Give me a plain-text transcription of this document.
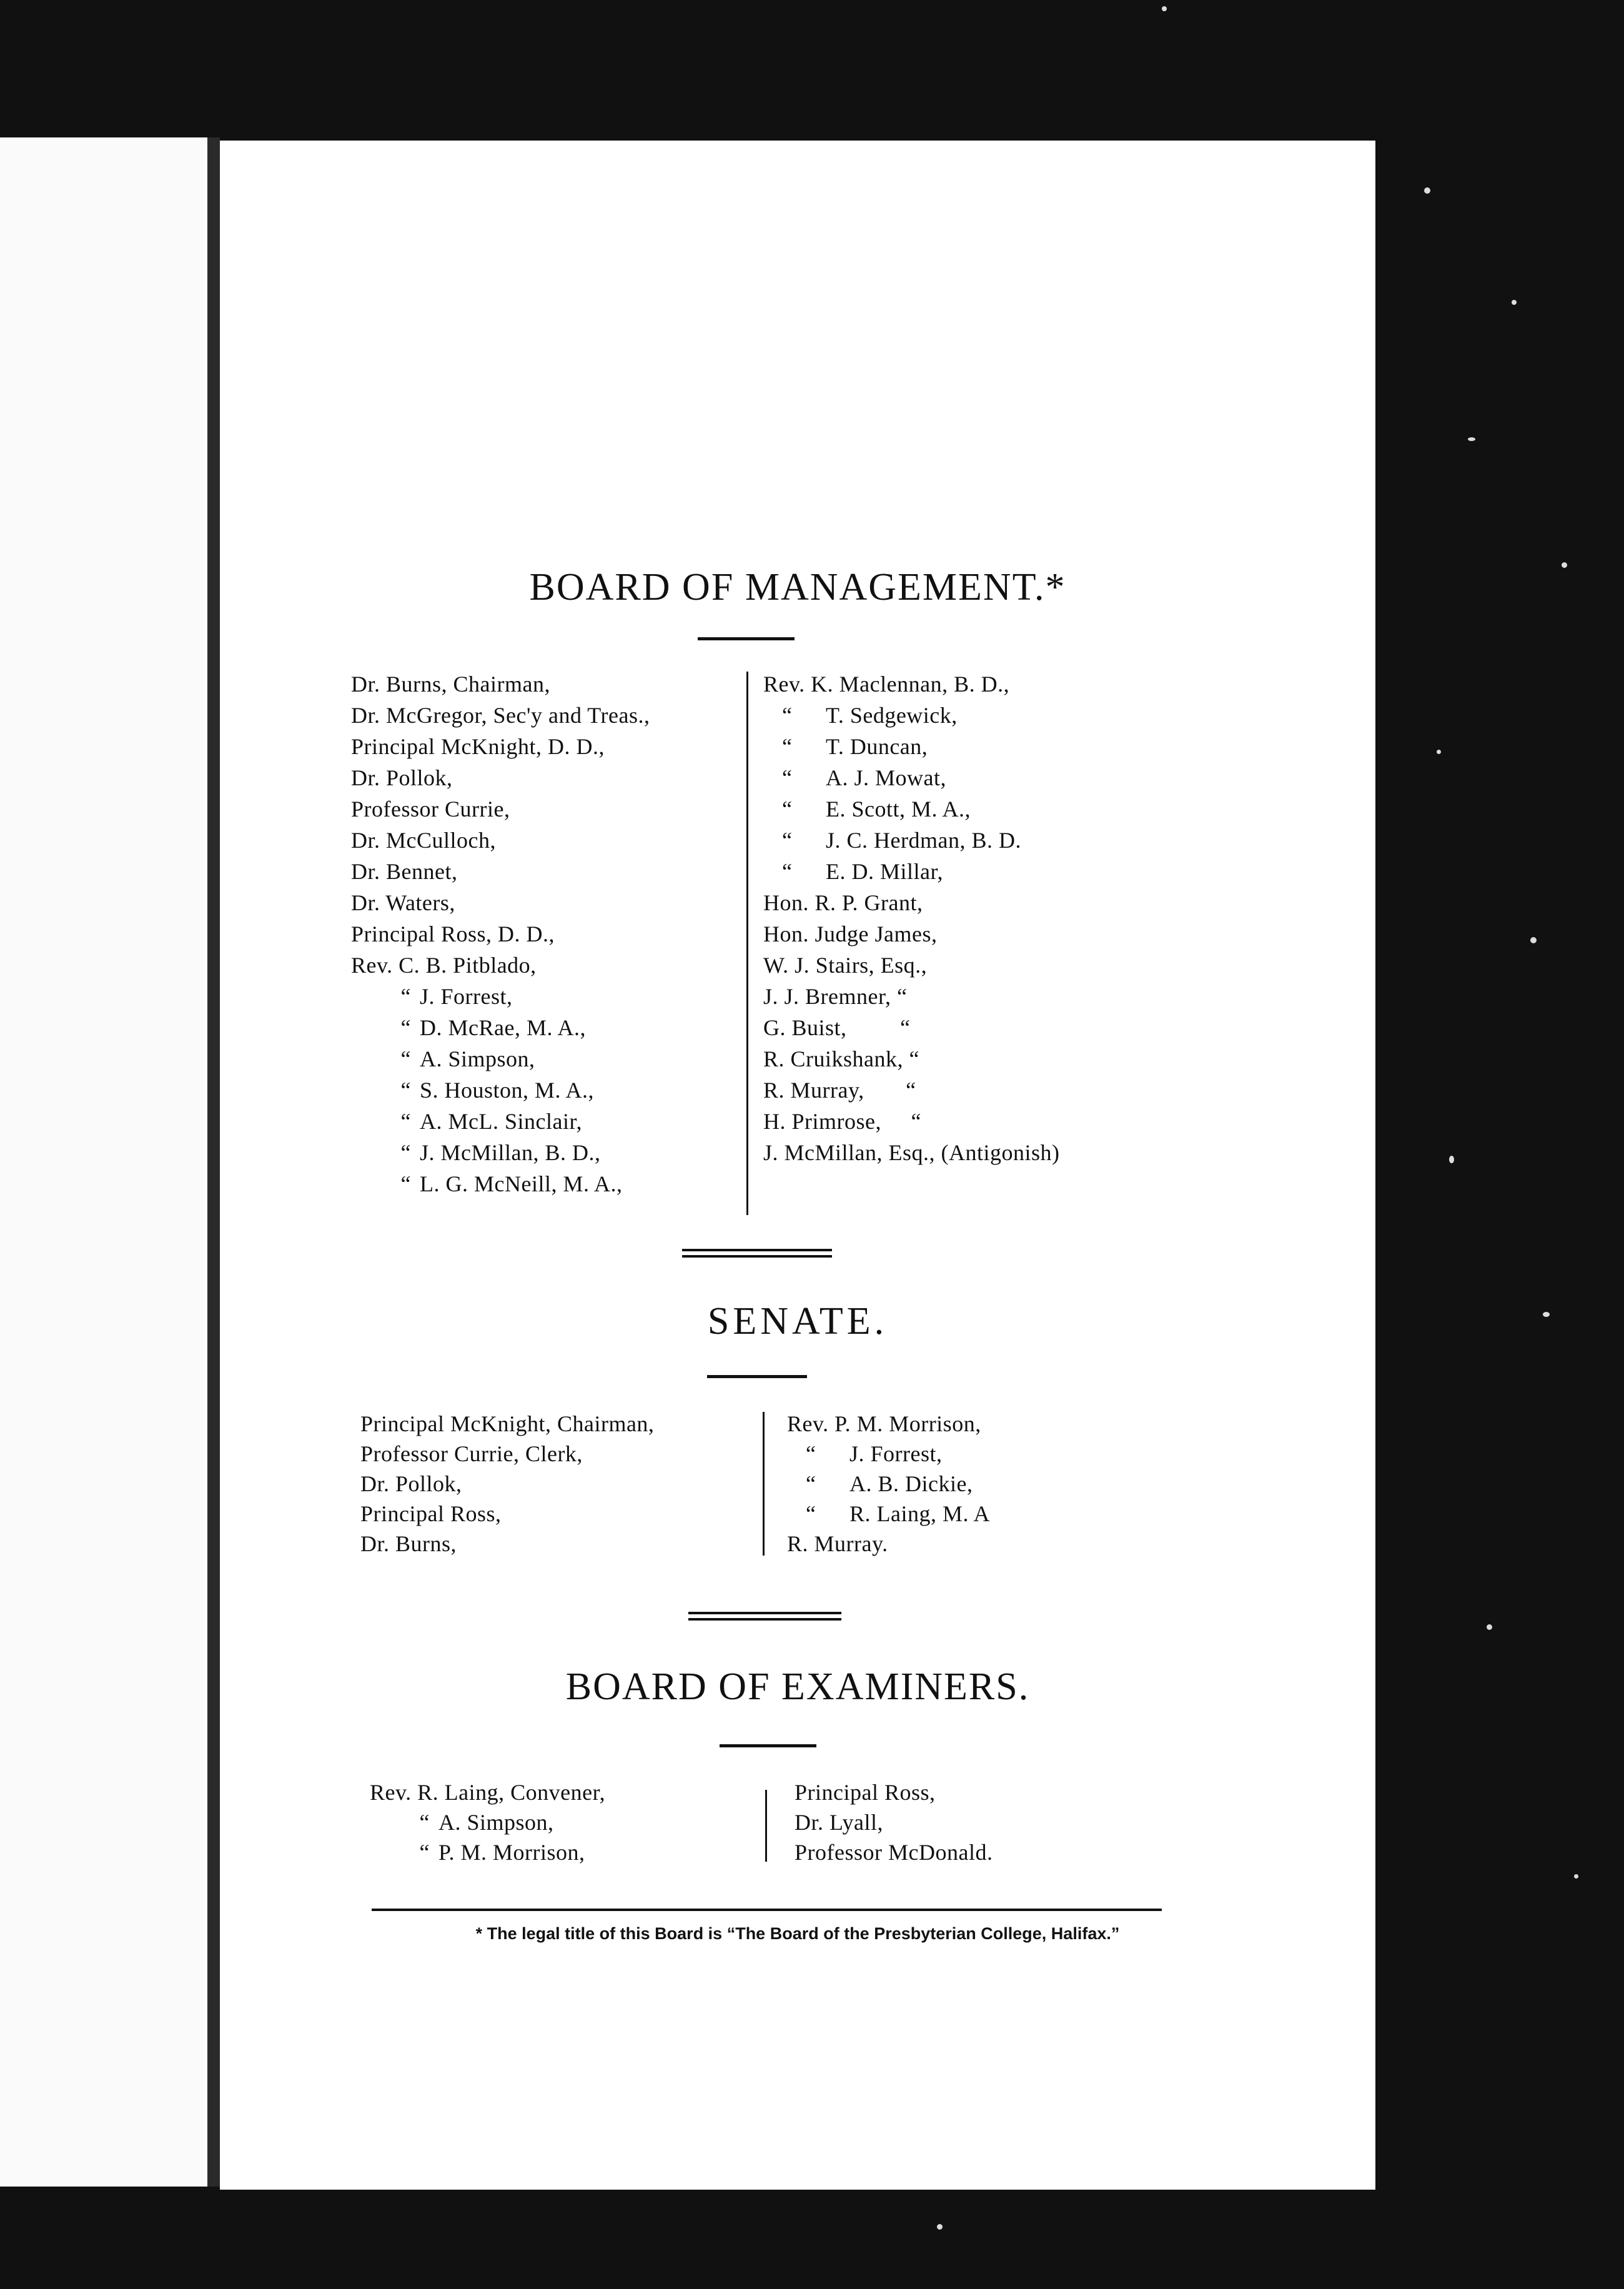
BOARD OF MANAGEMENT.*
Dr. Burns, Chairman,
Dr. McGregor, Sec'y and Treas.,
Principal McKnight, D. D.,
Dr. Pollok,
Professor Currie,
Dr. McCulloch,
Dr. Bennet,
Dr. Waters,
Principal Ross, D. D.,
Rev. C. B. Pitblado,
“ J. Forrest,
“ D. McRae, M. A.,
“ A. Simpson,
“ S. Houston, M. A.,
“ A. McL. Sinclair,
“ J. McMillan, B. D.,
“ L. G. McNeill, M. A.,
Rev. K. Maclennan, B. D.,
“ T. Sedgewick,
“ T. Duncan,
“ A. J. Mowat,
“ E. Scott, M. A.,
“ J. C. Herdman, B. D.
“ E. D. Millar,
Hon. R. P. Grant,
Hon. Judge James,
W. J. Stairs, Esq.,
J. J. Bremner, “
G. Buist,         “
R. Cruikshank, “
R. Murray,       “
H. Primrose,     “
J. McMillan, Esq., (Antigonish)
SENATE.
Principal McKnight, Chairman,
Professor Currie, Clerk,
Dr. Pollok,
Principal Ross,
Dr. Burns,
Rev. P. M. Morrison,
“ J. Forrest,
“ A. B. Dickie,
“ R. Laing, M. A
R. Murray.
BOARD OF EXAMINERS.
Rev. R. Laing, Convener,
“ A. Simpson,
“ P. M. Morrison,
Principal Ross,
Dr. Lyall,
Professor McDonald.
* The legal title of this Board is “The Board of the Presbyterian College, Halifax.”
